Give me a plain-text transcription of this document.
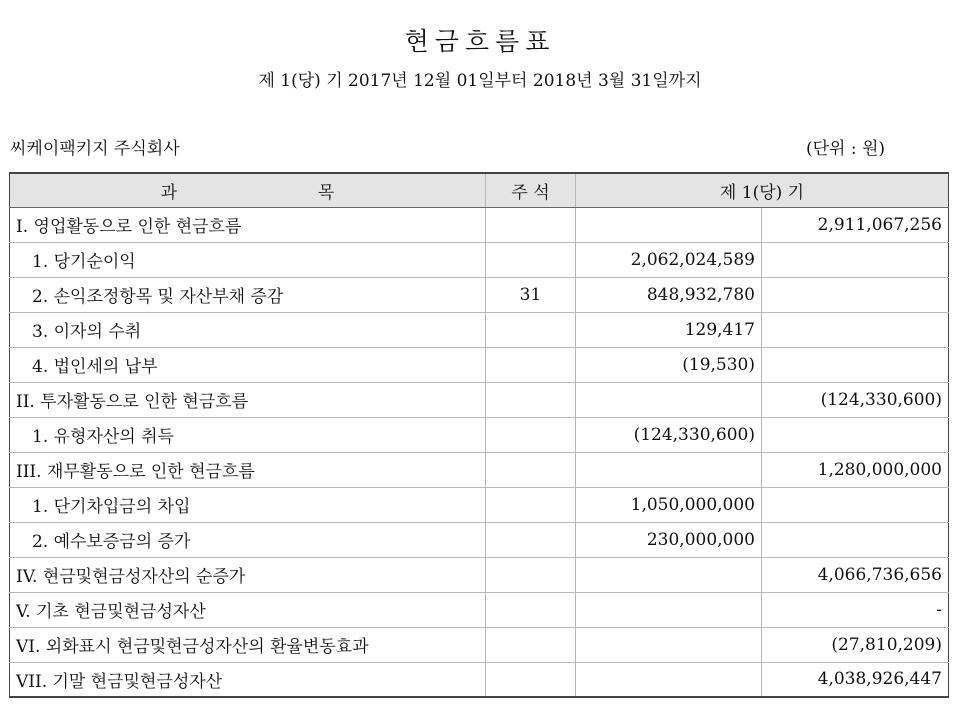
현금흐름표
제 1(당) 기 2017년 12월 01일부터 2018년 3월 31일까지
씨케이팩키지 주식회사	(단위 : 원)
과 목	주 석	제 1(당) 기	
I. 영업활동으로 인한 현금흐름			2,911,067,256
1. 당기순이익		2,062,024,589	
2. 손익조정항목 및 자산부채 증감	31	848,932,780	
3. 이자의 수취		129,417	
4. 법인세의 납부		(19,530)	
II. 투자활동으로 인한 현금흐름			(124,330,600)
1. 유형자산의 취득		(124,330,600)	
III. 재무활동으로 인한 현금흐름			1,280,000,000
1. 단기차입금의 차입		1,050,000,000	
2. 예수보증금의 증가		230,000,000	
IV. 현금및현금성자산의 순증가			4,066,736,656
V. 기초 현금및현금성자산			-
VI. 외화표시 현금및현금성자산의 환율변동효과			(27,810,209)
VII. 기말 현금및현금성자산			4,038,926,447
